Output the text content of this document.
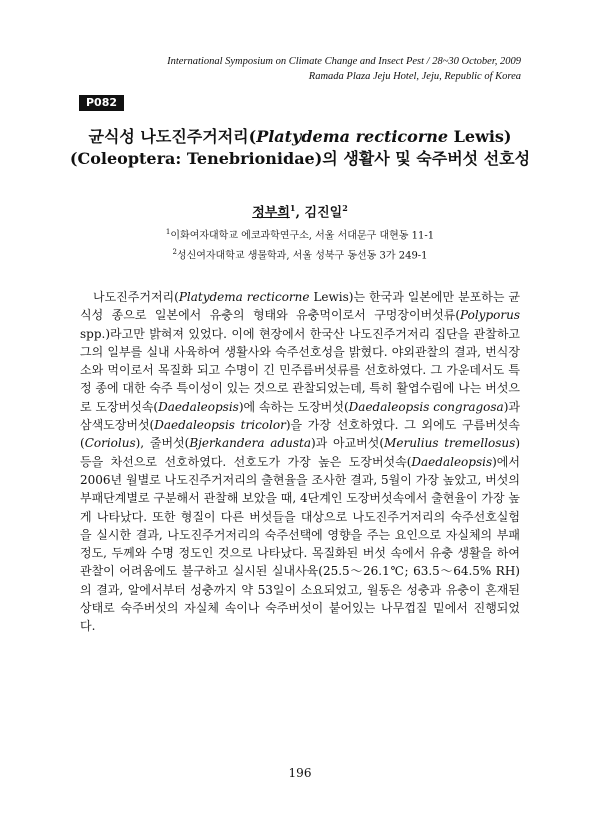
International Symposium on Climate Change and Insect Pest / 28~30 October, 2009
Ramada Plaza Jeju Hotel, Jeju, Republic of Korea
P082
균식성 나도진주거저리(Platydema recticorne Lewis)
(Coleoptera: Tenebrionidae)의 생활사 및 숙주버섯 선호성
정부희$^1$, 김진일$^2$
$^1$이화여자대학교 에코과학연구소, 서울 서대문구 대현동 11-1
$^2$성신여자대학교 생물학과, 서울 성북구 동선동 3가 249-1

나도진주거저리(Platydema recticorne Lewis)는 한국과 일본에만 분포하는 균식성 종으로 일본에서 유충의 형태와 유충먹이로서 구멍장이버섯류(Polyporus spp.)라고만 밝혀져 있었다. 이에 현장에서 한국산 나도진주거저리 집단을 관찰하고 그의 일부를 실내 사육하여 생활사와 숙주선호성을 밝혔다. 야외관찰의 결과, 번식장소와 먹이로서 목질화 되고 수명이 긴 민주름버섯류를 선호하였다. 그 가운데서도 특정 종에 대한 숙주 특이성이 있는 것으로 관찰되었는데, 특히 활엽수림에 나는 버섯으로 도장버섯속(Daedaleopsis)에 속하는 도장버섯(Daedaleopsis congragosa)과 삼색도장버섯(Daedaleopsis tricolor)을 가장 선호하였다. 그 외에도 구름버섯속(Coriolus), 줄버섯(Bjerkandera adusta)과 아교버섯(Merulius tremellosus) 등을 차선으로 선호하였다. 선호도가 가장 높은 도장버섯속(Daedaleopsis)에서 2006년 월별로 나도진주거저리의 출현율을 조사한 결과, 5월이 가장 높았고, 버섯의 부패단계별로 구분해서 관찰해 보았을 때, 4단계인 도장버섯속에서 출현율이 가장 높게 나타났다. 또한 형질이 다른 버섯들을 대상으로 나도진주거저리의 숙주선호실험을 실시한 결과, 나도진주거저리의 숙주선택에 영향을 주는 요인으로 자실체의 부패정도, 두께와 수명 정도인 것으로 나타났다. 목질화된 버섯 속에서 유충 생활을 하여 관찰이 어려움에도 불구하고 실시된 실내사육(25.5～26.1℃; 63.5～64.5% RH)의 결과, 알에서부터 성충까지 약 53일이 소요되었고, 월동은 성충과 유충이 혼재된 상태로 숙주버섯의 자실체 속이나 숙주버섯이 붙어있는 나무껍질 밑에서 진행되었다.

196
